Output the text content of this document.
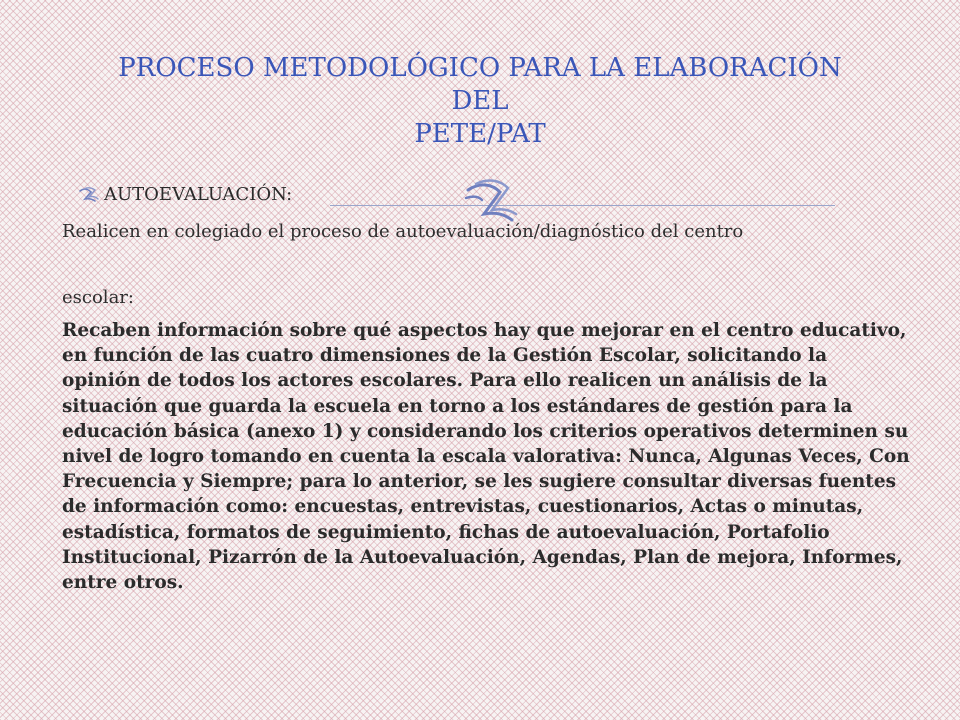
PROCESO METODOLÓGICO PARA LA ELABORACIÓN
DEL
PETE/PAT
AUTOEVALUACIÓN:

Realicen en colegiado el proceso de autoevaluación/diagnóstico del centro

escolar:

Recaben información sobre qué aspectos hay que mejorar en el centro educativo, en función de las cuatro dimensiones de la Gestión Escolar, solicitando la opinión de todos los actores escolares. Para ello realicen un análisis de la situación que guarda la escuela en torno a los estándares de gestión para la educación básica (anexo 1) y considerando los criterios operativos determinen su nivel de logro tomando en cuenta la escala valorativa: Nunca, Algunas Veces, Con Frecuencia y Siempre; para lo anterior, se les sugiere consultar diversas fuentes de información como: encuestas, entrevistas, cuestionarios, Actas o minutas, estadística, formatos de seguimiento, fichas de autoevaluación, Portafolio Institucional, Pizarrón de la Autoevaluación, Agendas, Plan de mejora, Informes, entre otros.
